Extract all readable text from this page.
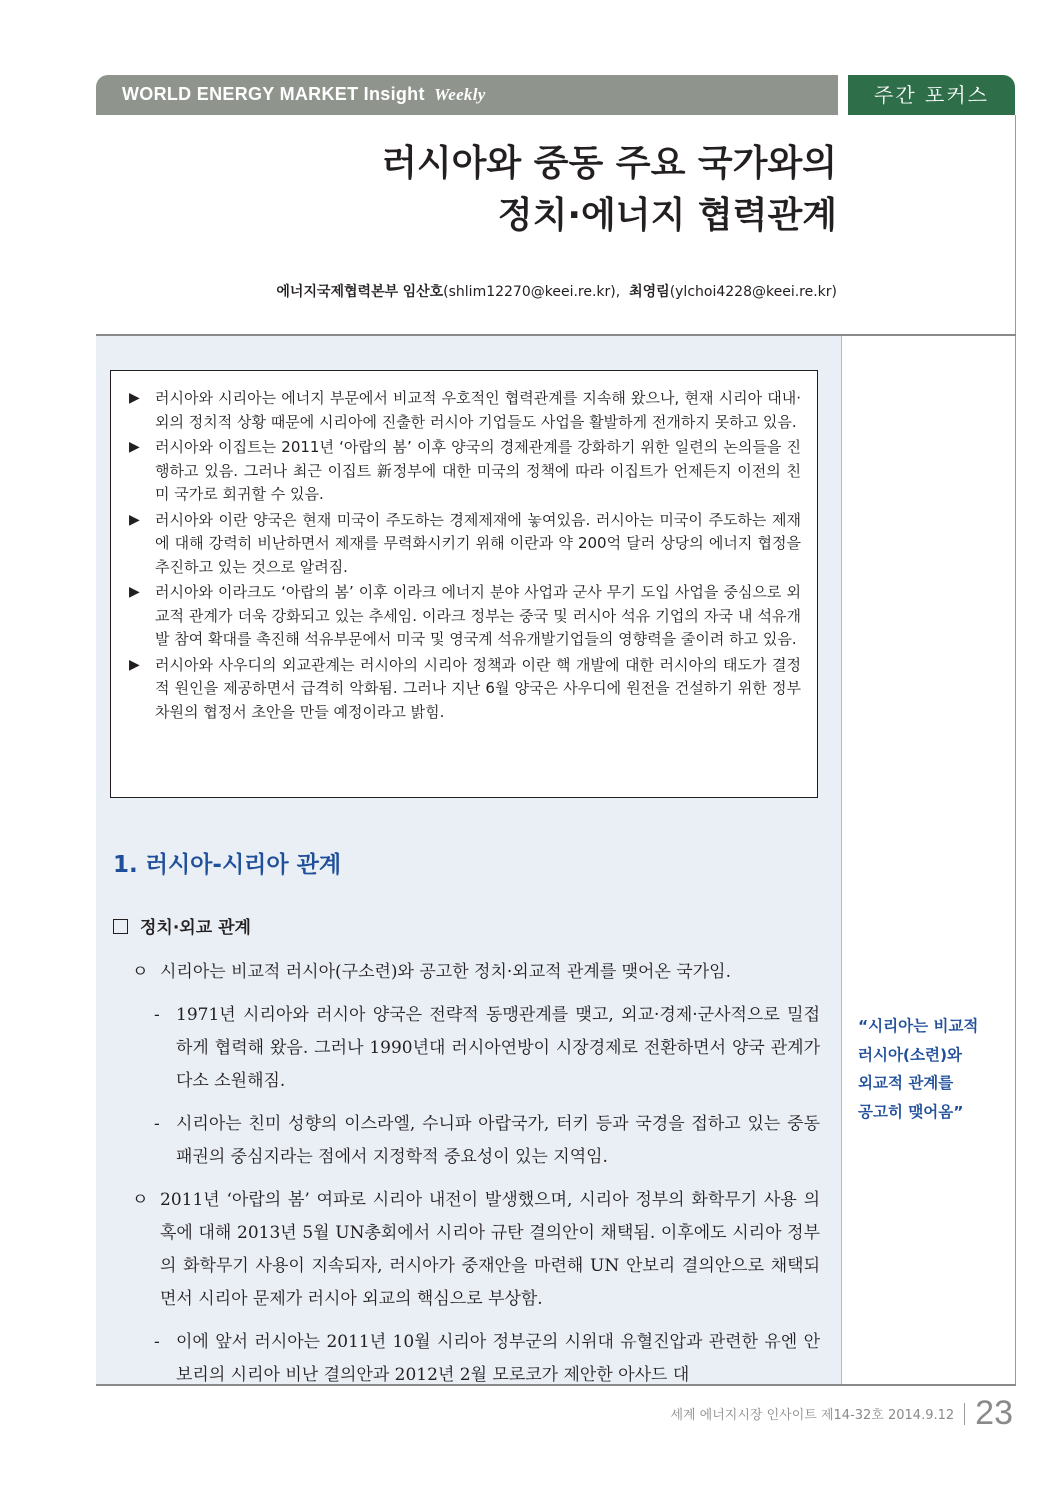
WORLD ENERGY MARKET Insight Weekly	주간 포커스
러시아와 중동 주요 국가와의
정치·에너지 협력관계
에너지국제협력본부 임산호(shlim12270@keei.re.kr), 최영림(ylchoi4228@keei.re.kr)
▶	러시아와 시리아는 에너지 부문에서 비교적 우호적인 협력관계를 지속해 왔으나, 현재 시리아 대내·외의 정치적 상황 때문에 시리아에 진출한 러시아 기업들도 사업을 활발하게 전개하지 못하고 있음.
▶	러시아와 이집트는 2011년 ‘아랍의 봄’ 이후 양국의 경제관계를 강화하기 위한 일련의 논의들을 진행하고 있음. 그러나 최근 이집트 新정부에 대한 미국의 정책에 따라 이집트가 언제든지 이전의 친미 국가로 회귀할 수 있음.
▶	러시아와 이란 양국은 현재 미국이 주도하는 경제제재에 놓여있음. 러시아는 미국이 주도하는 제재에 대해 강력히 비난하면서 제재를 무력화시키기 위해 이란과 약 200억 달러 상당의 에너지 협정을 추진하고 있는 것으로 알려짐.
▶	러시아와 이라크도 ‘아랍의 봄’ 이후 이라크 에너지 분야 사업과 군사 무기 도입 사업을 중심으로 외교적 관계가 더욱 강화되고 있는 추세임. 이라크 정부는 중국 및 러시아 석유 기업의 자국 내 석유개발 참여 확대를 촉진해 석유부문에서 미국 및 영국계 석유개발기업들의 영향력을 줄이려 하고 있음.
▶	러시아와 사우디의 외교관계는 러시아의 시리아 정책과 이란 핵 개발에 대한 러시아의 태도가 결정적 원인을 제공하면서 급격히 악화됨. 그러나 지난 6월 양국은 사우디에 원전을 건설하기 위한 정부 차원의 협정서 초안을 만들 예정이라고 밝힘.
1. 러시아-시리아 관계
정치·외교 관계
ㅇ 시리아는 비교적 러시아(구소련)와 공고한 정치·외교적 관계를 맺어온 국가임.
- 1971년 시리아와 러시아 양국은 전략적 동맹관계를 맺고, 외교·경제·군사적으로 밀접하게 협력해 왔음. 그러나 1990년대 러시아연방이 시장경제로 전환하면서 양국 관계가 다소 소원해짐.
- 시리아는 친미 성향의 이스라엘, 수니파 아랍국가, 터키 등과 국경을 접하고 있는 중동 패권의 중심지라는 점에서 지정학적 중요성이 있는 지역임.
ㅇ 2011년 ‘아랍의 봄’ 여파로 시리아 내전이 발생했으며, 시리아 정부의 화학무기 사용 의혹에 대해 2013년 5월 UN총회에서 시리아 규탄 결의안이 채택됨. 이후에도 시리아 정부의 화학무기 사용이 지속되자, 러시아가 중재안을 마련해 UN 안보리 결의안으로 채택되면서 시리아 문제가 러시아 외교의 핵심으로 부상함.
- 이에 앞서 러시아는 2011년 10월 시리아 정부군의 시위대 유혈진압과 관련한 유엔 안보리의 시리아 비난 결의안과 2012년 2월 모로코가 제안한 아사드 대
“시리아는 비교적
러시아(소련)와
외교적 관계를
공고히 맺어옴”
세계 에너지시장 인사이트 제14-32호 2014.9.12 23
